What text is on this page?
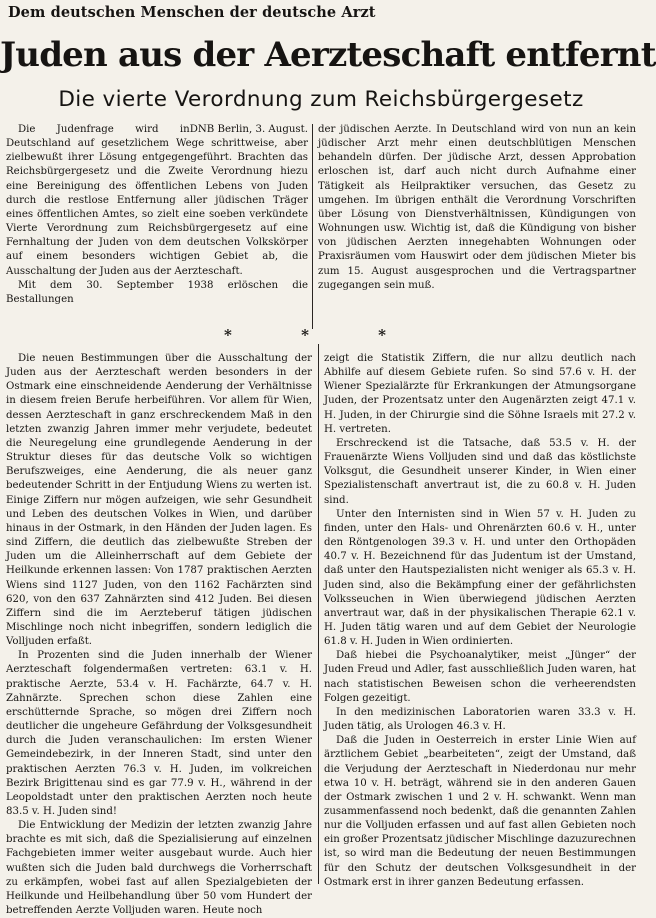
Dem deutschen Menschen der deutsche Arzt
Juden aus der Aerzteschaft entfernt
Die vierte Verordnung zum Reichsbürgergesetz

DNB Berlin, 3. August.

Die Judenfrage wird in Deutschland auf gesetzlichem Wege schrittweise, aber zielbewußt ihrer Lösung entgegengeführt. Brachten das Reichsbürgergesetz und die Zweite Verordnung hiezu eine Bereinigung des öffentlichen Lebens von Juden durch die restlose Entfernung aller jüdischen Träger eines öffentlichen Amtes, so zielt eine soeben verkündete Vierte Verordnung zum Reichsbürgergesetz auf eine Fernhaltung der Juden von dem deutschen Volkskörper auf einem besonders wichtigen Gebiet ab, die Ausschaltung der Juden aus der Aerzteschaft.

Mit dem 30. September 1938 erlöschen die Bestallungen

der jüdischen Aerzte. In Deutschland wird von nun an kein jüdischer Arzt mehr einen deutschblütigen Menschen behandeln dürfen. Der jüdische Arzt, dessen Approbation erloschen ist, darf auch nicht durch Aufnahme einer Tätigkeit als Heilpraktiker versuchen, das Gesetz zu umgehen. Im übrigen enthält die Verordnung Vorschriften über Lösung von Dienstverhältnissen, Kündigungen von Wohnungen usw. Wichtig ist, daß die Kündigung von bisher von jüdischen Aerzten innegehabten Wohnungen oder Praxisräumen vom Hauswirt oder dem jüdischen Mieter bis zum 15. August ausgesprochen und die Vertragspartner zugegangen sein muß.

* * *

Die neuen Bestimmungen über die Ausschaltung der Juden aus der Aerzteschaft werden besonders in der Ostmark eine einschneidende Aenderung der Verhältnisse in diesem freien Berufe herbeiführen. Vor allem für Wien, dessen Aerzteschaft in ganz erschreckendem Maß in den letzten zwanzig Jahren immer mehr verjudete, bedeutet die Neuregelung eine grundlegende Aenderung in der Struktur dieses für das deutsche Volk so wichtigen Berufszweiges, eine Aenderung, die als neuer ganz bedeutender Schritt in der Entjudung Wiens zu werten ist. Einige Ziffern nur mögen aufzeigen, wie sehr Gesundheit und Leben des deutschen Volkes in Wien, und darüber hinaus in der Ostmark, in den Händen der Juden lagen. Es sind Ziffern, die deutlich das zielbewußte Streben der Juden um die Alleinherrschaft auf dem Gebiete der Heilkunde erkennen lassen: Von 1787 praktischen Aerzten Wiens sind 1127 Juden, von den 1162 Fachärzten sind 620, von den 637 Zahnärzten sind 412 Juden. Bei diesen Ziffern sind die im Aerzteberuf tätigen jüdischen Mischlinge noch nicht inbegriffen, sondern lediglich die Volljuden erfaßt.

In Prozenten sind die Juden innerhalb der Wiener Aerzteschaft folgendermaßen vertreten: 63.1 v. H. praktische Aerzte, 53.4 v. H. Fachärzte, 64.7 v. H. Zahnärzte. Sprechen schon diese Zahlen eine erschütternde Sprache, so mögen drei Ziffern noch deutlicher die ungeheure Gefährdung der Volksgesundheit durch die Juden veranschaulichen: Im ersten Wiener Gemeindebezirk, in der Inneren Stadt, sind unter den praktischen Aerzten 76.3 v. H. Juden, im volkreichen Bezirk Brigittenau sind es gar 77.9 v. H., während in der Leopoldstadt unter den praktischen Aerzten noch heute 83.5 v. H. Juden sind!

Die Entwicklung der Medizin der letzten zwanzig Jahre brachte es mit sich, daß die Spezialisierung auf einzelnen Fachgebieten immer weiter ausgebaut wurde. Auch hier wußten sich die Juden bald durchwegs die Vorherrschaft zu erkämpfen, wobei fast auf allen Spezialgebieten der Heilkunde und Heilbehandlung über 50 vom Hundert der betreffenden Aerzte Volljuden waren. Heute noch

zeigt die Statistik Ziffern, die nur allzu deutlich nach Abhilfe auf diesem Gebiete rufen. So sind 57.6 v. H. der Wiener Spezialärzte für Erkrankungen der Atmungsorgane Juden, der Prozentsatz unter den Augenärzten zeigt 47.1 v. H. Juden, in der Chirurgie sind die Söhne Israels mit 27.2 v. H. vertreten.

Erschreckend ist die Tatsache, daß 53.5 v. H. der Frauenärzte Wiens Volljuden sind und daß das köstlichste Volksgut, die Gesundheit unserer Kinder, in Wien einer Spezialistenschaft anvertraut ist, die zu 60.8 v. H. Juden sind.

Unter den Internisten sind in Wien 57 v. H. Juden zu finden, unter den Hals- und Ohrenärzten 60.6 v. H., unter den Röntgenologen 39.3 v. H. und unter den Orthopäden 40.7 v. H. Bezeichnend für das Judentum ist der Umstand, daß unter den Hautspezialisten nicht weniger als 65.3 v. H. Juden sind, also die Bekämpfung einer der gefährlichsten Volksseuchen in Wien überwiegend jüdischen Aerzten anvertraut war, daß in der physikalischen Therapie 62.1 v. H. Juden tätig waren und auf dem Gebiet der Neurologie 61.8 v. H. Juden in Wien ordinierten.

Daß hiebei die Psychoanalytiker, meist „Jünger“ der Juden Freud und Adler, fast ausschließlich Juden waren, hat nach statistischen Beweisen schon die verheerendsten Folgen gezeitigt.

In den medizinischen Laboratorien waren 33.3 v. H. Juden tätig, als Urologen 46.3 v. H.

Daß die Juden in Oesterreich in erster Linie Wien auf ärztlichem Gebiet „bearbeiteten“, zeigt der Umstand, daß die Verjudung der Aerzteschaft in Niederdonau nur mehr etwa 10 v. H. beträgt, während sie in den anderen Gauen der Ostmark zwischen 1 und 2 v. H. schwankt. Wenn man zusammenfassend noch bedenkt, daß die genannten Zahlen nur die Volljuden erfassen und auf fast allen Gebieten noch ein großer Prozentsatz jüdischer Mischlinge dazuzurechnen ist, so wird man die Bedeutung der neuen Bestimmungen für den Schutz der deutschen Volksgesundheit in der Ostmark erst in ihrer ganzen Bedeutung erfassen.
